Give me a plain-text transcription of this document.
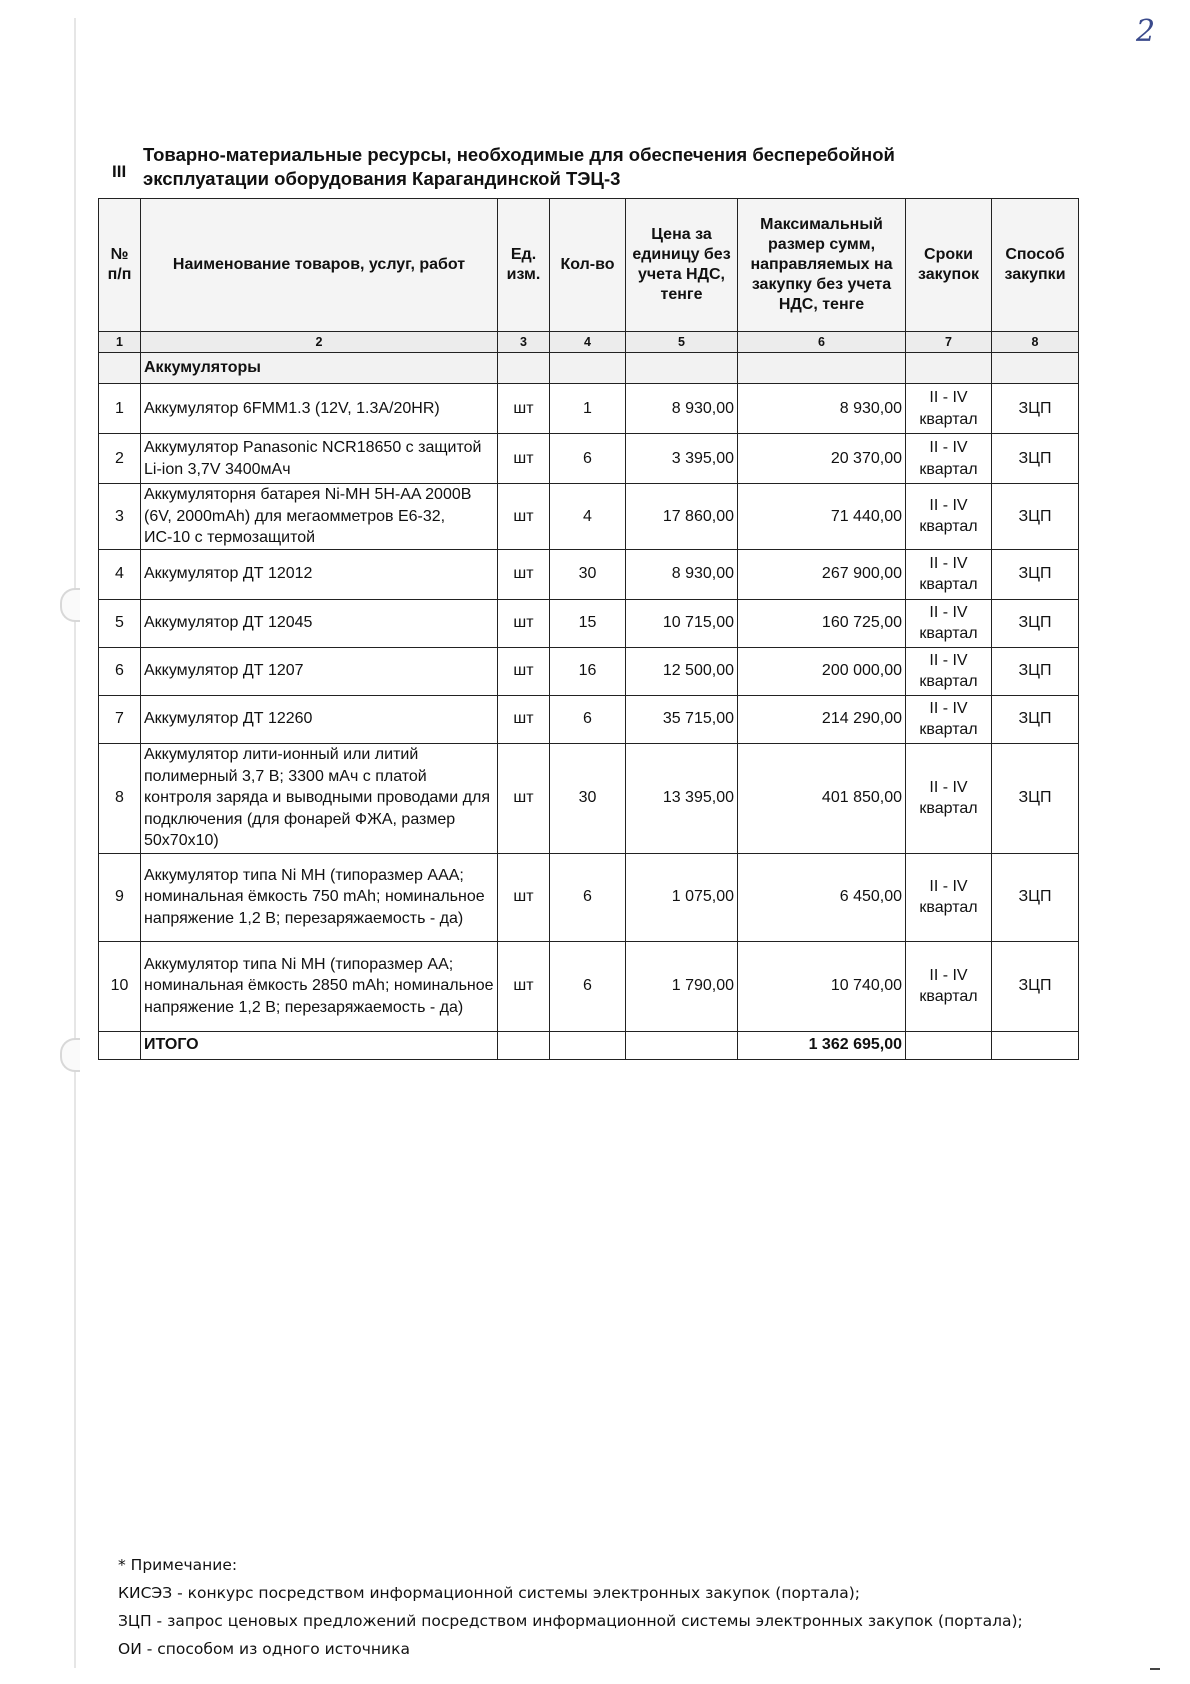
2
III
Товарно-материальные ресурсы, необходимые для обеспечения бесперебойной эксплуатации оборудования Карагандинской ТЭЦ-3
№ п/п	Наименование товаров, услуг, работ	Ед. изм.	Кол-во	Цена за единицу без учета НДС, тенге	Максимальный размер сумм, направляемых на закупку без учета НДС, тенге	Сроки закупок	Способ закупки
1	2	3	4	5	6	7	8
	Аккумуляторы						
1	Аккумулятор 6FMM1.3 (12V, 1.3A/20HR)	шт	1	8 930,00	8 930,00	II - IV квартал	ЗЦП
2	Аккумулятор Panasonic NCR18650 с защитой Li-ion 3,7V 3400мАч	шт	6	3 395,00	20 370,00	II - IV квартал	ЗЦП
3	Аккумуляторня батарея Ni-MH 5H-AA 2000B (6V, 2000mAh) для мегаомметров Е6-32, ИС-10 с термозащитой	шт	4	17 860,00	71 440,00	II - IV квартал	ЗЦП
4	Аккумулятор ДТ 12012	шт	30	8 930,00	267 900,00	II - IV квартал	ЗЦП
5	Аккумулятор ДТ 12045	шт	15	10 715,00	160 725,00	II - IV квартал	ЗЦП
6	Аккумулятор ДТ 1207	шт	16	12 500,00	200 000,00	II - IV квартал	ЗЦП
7	Аккумулятор ДТ 12260	шт	6	35 715,00	214 290,00	II - IV квартал	ЗЦП
8	Аккумулятор лити-ионный или литий полимерный 3,7 В; 3300 мАч с платой контроля заряда и выводными проводами для подключения (для фонарей ФЖА, размер 50х70х10)	шт	30	13 395,00	401 850,00	II - IV квартал	ЗЦП
9	Аккумулятор типа Ni MH (типоразмер ААА; номинальная ёмкость 750 mAh; номинальное напряжение 1,2 В; перезаряжаемость - да)	шт	6	1 075,00	6 450,00	II - IV квартал	ЗЦП
10	Аккумулятор типа Ni MH (типоразмер АА; номинальная ёмкость 2850 mAh; номинальное напряжение 1,2 В; перезаряжаемость - да)	шт	6	1 790,00	10 740,00	II - IV квартал	ЗЦП
	ИТОГО				1 362 695,00		
* Примечание:
КИСЭЗ - конкурс посредством информационной системы электронных закупок (портала);
ЗЦП - запрос ценовых предложений посредством информационной системы электронных закупок (портала);
ОИ - способом из одного источника
